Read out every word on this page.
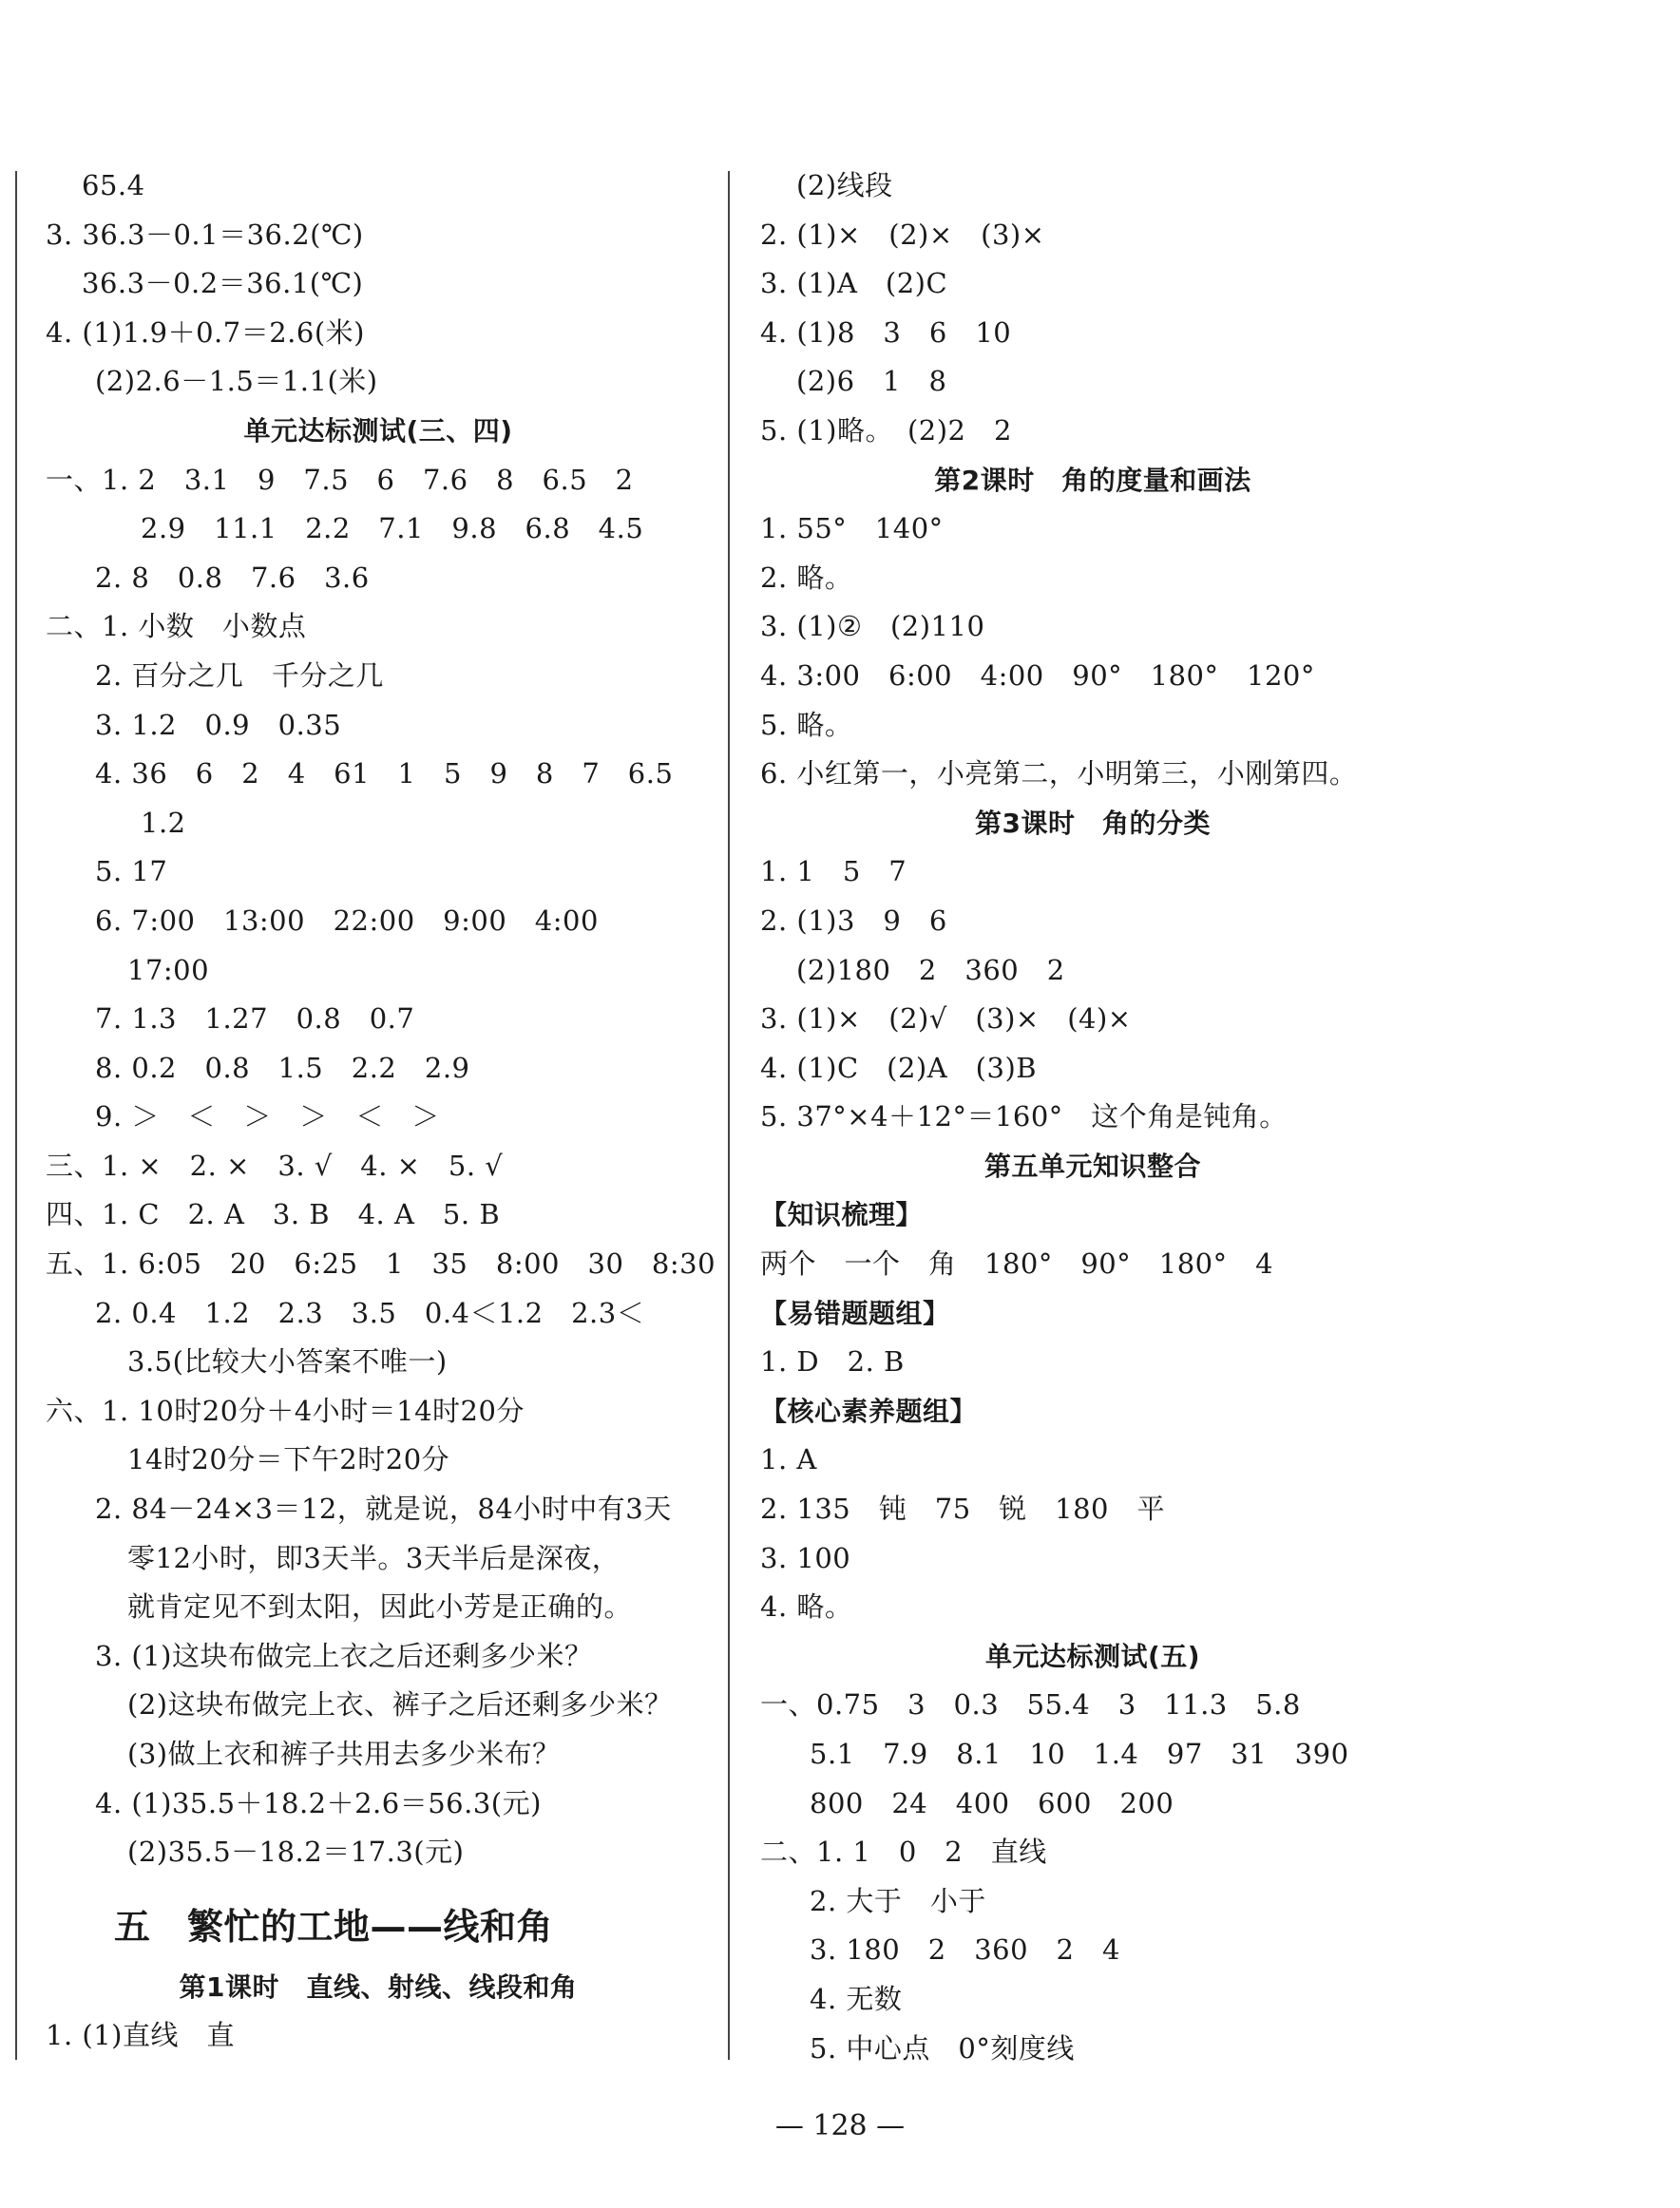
65.4
3. 36.3－0.1＝36.2(℃)
36.3－0.2＝36.1(℃)
4. (1)1.9＋0.7＝2.6(米)
(2)2.6－1.5＝1.1(米)
单元达标测试(三、四)
一、1. 2　3.1　9　7.5　6　7.6　8　6.5　2
2.9　11.1　2.2　7.1　9.8　6.8　4.5
2. 8　0.8　7.6　3.6
二、1. 小数　小数点
2. 百分之几　千分之几
3. 1.2　0.9　0.35
4. 36　6　2　4　61　1　5　9　8　7　6.5
1.2
5. 17
6. 7:00　13:00　22:00　9:00　4:00
17:00
7. 1.3　1.27　0.8　0.7
8. 0.2　0.8　1.5　2.2　2.9
9. ＞　＜　＞　＞　＜　＞
三、1. ×　2. ×　3. √　4. ×　5. √
四、1. C　2. A　3. B　4. A　5. B
五、1. 6:05　20　6:25　1　35　8:00　30　8:30
2. 0.4　1.2　2.3　3.5　0.4＜1.2　2.3＜
3.5(比较大小答案不唯一)
六、1. 10时20分＋4小时＝14时20分
14时20分＝下午2时20分
2. 84－24×3＝12，就是说，84小时中有3天
零12小时，即3天半。3天半后是深夜，
就肯定见不到太阳，因此小芳是正确的。
3. (1)这块布做完上衣之后还剩多少米？
(2)这块布做完上衣、裤子之后还剩多少米？
(3)做上衣和裤子共用去多少米布？
4. (1)35.5＋18.2＋2.6＝56.3(元)
(2)35.5－18.2＝17.3(元)
五　繁忙的工地——线和角
第1课时　直线、射线、线段和角
1. (1)直线　直
(2)线段
2. (1)×　(2)×　(3)×
3. (1)A　(2)C
4. (1)8　3　6　10
(2)6　1　8
5. (1)略。　(2)2　2
第2课时　角的度量和画法
1. 55°　140°
2. 略。
3. (1)②　(2)110
4. 3:00　6:00　4:00　90°　180°　120°
5. 略。
6. 小红第一，小亮第二，小明第三，小刚第四。
第3课时　角的分类
1. 1　5　7
2. (1)3　9　6
(2)180　2　360　2
3. (1)×　(2)√　(3)×　(4)×
4. (1)C　(2)A　(3)B
5. 37°×4＋12°＝160°　这个角是钝角。
第五单元知识整合
【知识梳理】
两个　一个　角　180°　90°　180°　4
【易错题题组】
1. D　2. B
【核心素养题组】
1. A
2. 135　钝　75　锐　180　平
3. 100
4. 略。
单元达标测试(五)
一、0.75　3　0.3　55.4　3　11.3　5.8
5.1　7.9　8.1　10　1.4　97　31　390
800　24　400　600　200
二、1. 1　0　2　直线
2. 大于　小于
3. 180　2　360　2　4
4. 无数
5. 中心点　0°刻度线
— 128 —
